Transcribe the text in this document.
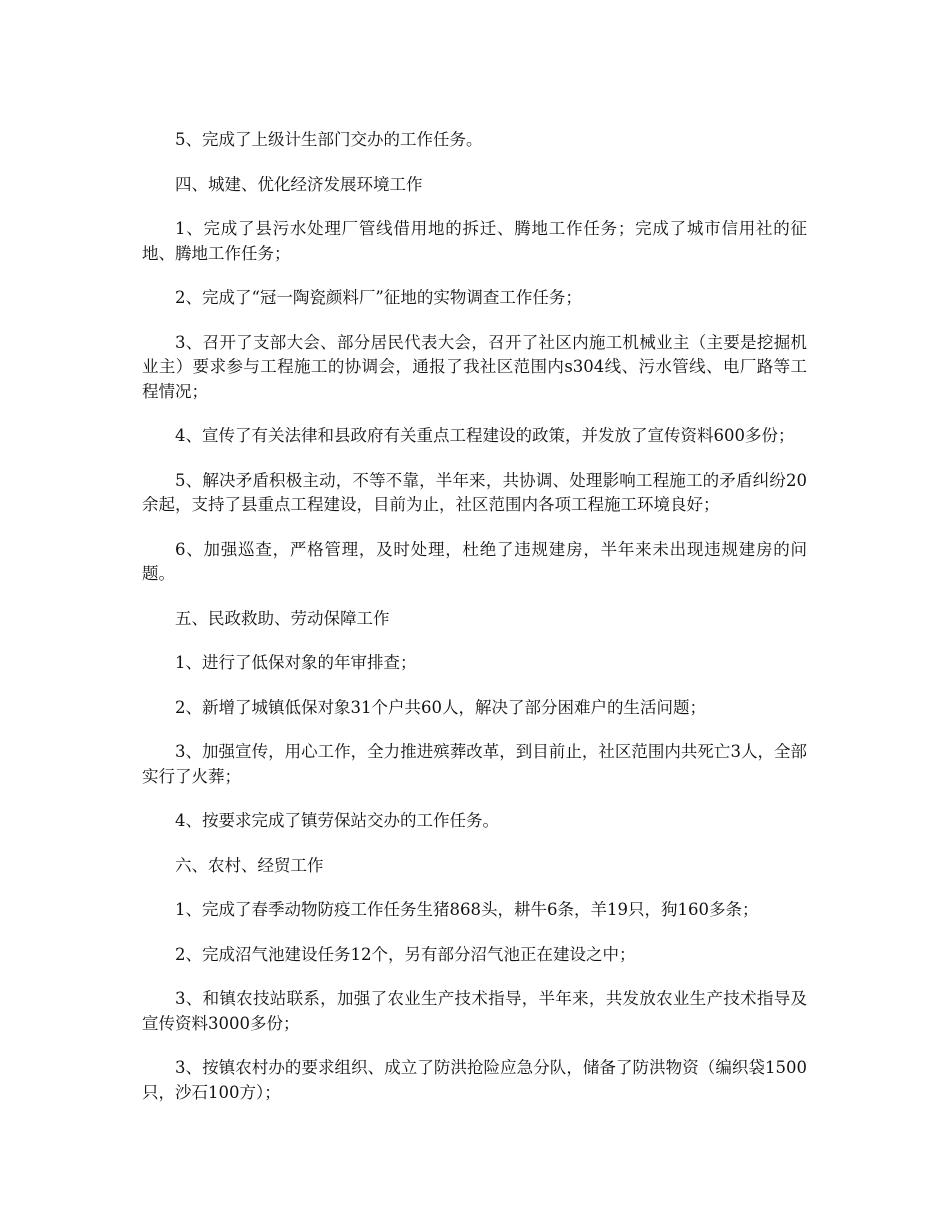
5、完成了上级计生部门交办的工作任务。

四、城建、优化经济发展环境工作

1、完成了县污水处理厂管线借用地的拆迁、腾地工作任务；完成了城市信用社的征地、腾地工作任务；

2、完成了“冠一陶瓷颜料厂”征地的实物调查工作任务；

3、召开了支部大会、部分居民代表大会，召开了社区内施工机械业主（主要是挖掘机业主）要求参与工程施工的协调会，通报了我社区范围内s304线、污水管线、电厂路等工程情况；

4、宣传了有关法律和县政府有关重点工程建设的政策，并发放了宣传资料600多份；

5、解决矛盾积极主动，不等不靠，半年来，共协调、处理影响工程施工的矛盾纠纷20余起，支持了县重点工程建设，目前为止，社区范围内各项工程施工环境良好；

6、加强巡查，严格管理，及时处理，杜绝了违规建房，半年来未出现违规建房的问题。

五、民政救助、劳动保障工作

1、进行了低保对象的年审排查；

2、新增了城镇低保对象31个户共60人，解决了部分困难户的生活问题；

3、加强宣传，用心工作，全力推进殡葬改革，到目前止，社区范围内共死亡3人，全部实行了火葬；

4、按要求完成了镇劳保站交办的工作任务。

六、农村、经贸工作

1、完成了春季动物防疫工作任务生猪868头，耕牛6条，羊19只，狗160多条；

2、完成沼气池建设任务12个，另有部分沼气池正在建设之中；

3、和镇农技站联系，加强了农业生产技术指导，半年来，共发放农业生产技术指导及宣传资料3000多份；

3、按镇农村办的要求组织、成立了防洪抢险应急分队，储备了防洪物资（编织袋1500只，沙石100方）；
